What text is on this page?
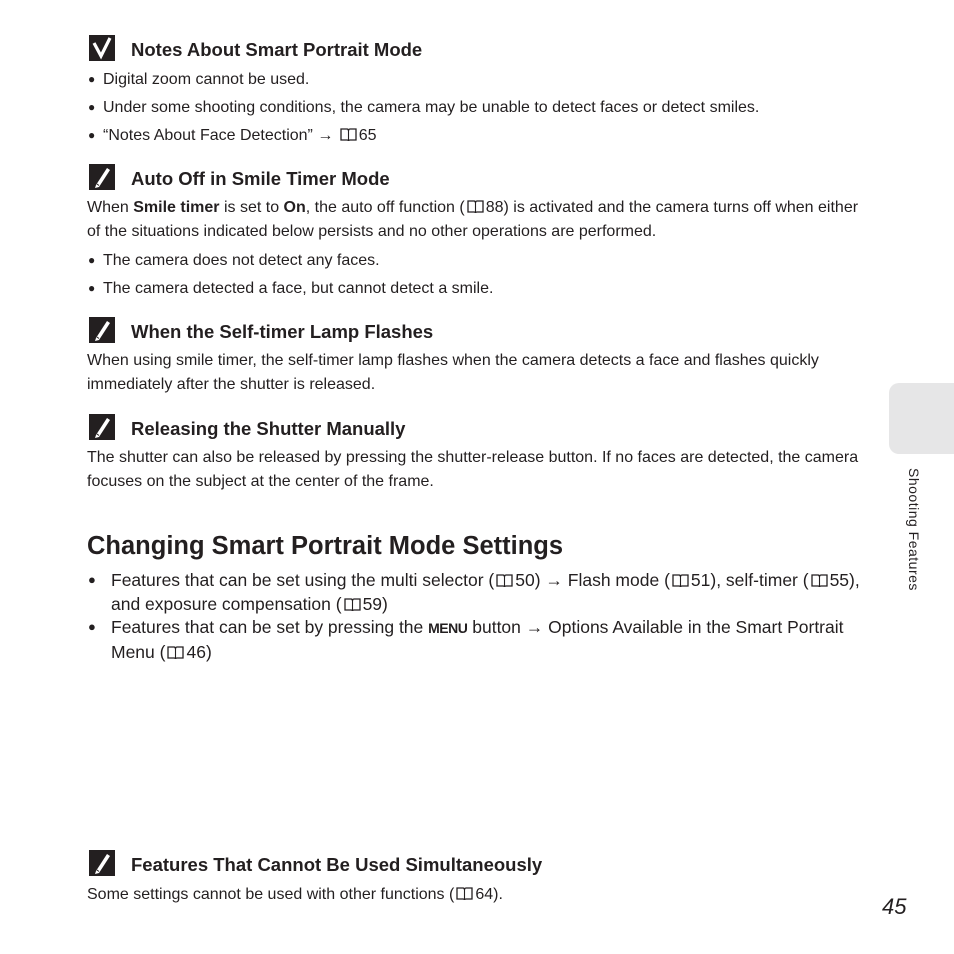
Notes About Smart Portrait Mode
● Digital zoom cannot be used.
● Under some shooting conditions, the camera may be unable to detect faces or detect smiles.
● “Notes About Face Detection” → 65
Auto Off in Smile Timer Mode
When Smile timer is set to On, the auto off function ( 88) is activated and the camera turns off when either of the situations indicated below persists and no other operations are performed.
● The camera does not detect any faces.
● The camera detected a face, but cannot detect a smile.
When the Self-timer Lamp Flashes
When using smile timer, the self-timer lamp flashes when the camera detects a face and flashes quickly immediately after the shutter is released.
Releasing the Shutter Manually
The shutter can also be released by pressing the shutter-release button. If no faces are detected, the camera focuses on the subject at the center of the frame.
Changing Smart Portrait Mode Settings
● Features that can be set using the multi selector ( 50) → Flash mode ( 51), self-timer ( 55), and exposure compensation ( 59)
● Features that can be set by pressing the MENU button → Options Available in the Smart Portrait Menu ( 46)
Features That Cannot Be Used Simultaneously
Some settings cannot be used with other functions ( 64).
Shooting Features
45
